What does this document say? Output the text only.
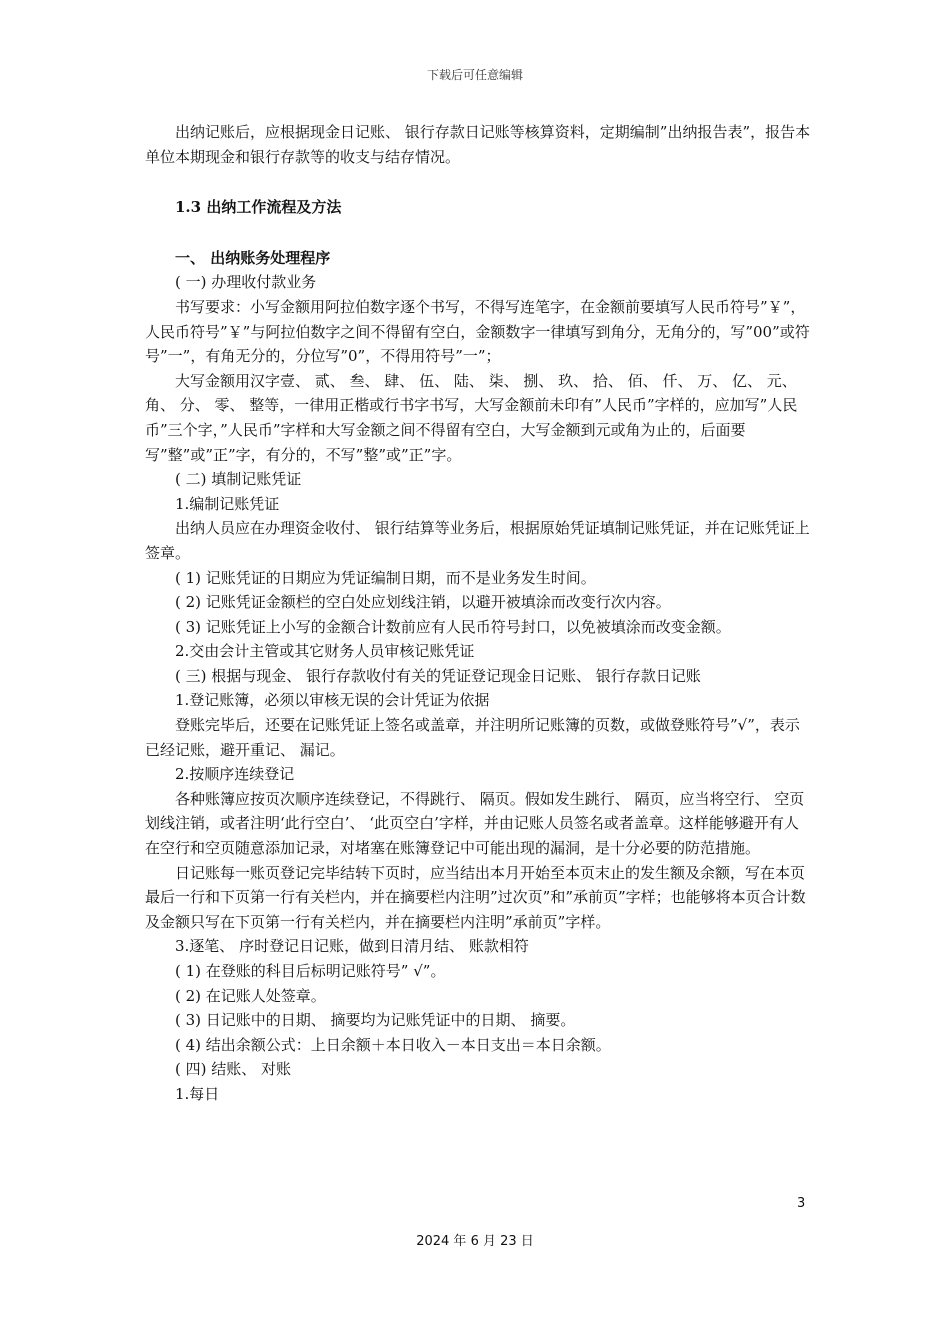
下载后可任意编辑

出纳记账后，应根据现金日记账、 银行存款日记账等核算资料，定期编制”出纳报告表”，报告本单位本期现金和银行存款等的收支与结存情况。

1.3 出纳工作流程及方法

一、 出纳账务处理程序

( 一) 办理收付款业务

书写要求：小写金额用阿拉伯数字逐个书写，不得写连笔字，在金额前要填写人民币符号”￥”，人民币符号”￥”与阿拉伯数字之间不得留有空白，金额数字一律填写到角分，无角分的，写”00”或符号”一”，有角无分的，分位写”0”，不得用符号”一”；

大写金额用汉字壹、 贰、 叁、 肆、 伍、 陆、 柒、 捌、 玖、 拾、 佰、 仟、 万、 亿、 元、 角、 分、 零、 整等，一律用正楷或行书字书写，大写金额前未印有”人民币”字样的，应加写”人民币”三个字，”人民币”字样和大写金额之间不得留有空白，大写金额到元或角为止的，后面要写”整”或”正”字，有分的，不写”整”或”正”字。

( 二) 填制记账凭证

1.编制记账凭证

出纳人员应在办理资金收付、 银行结算等业务后，根据原始凭证填制记账凭证，并在记账凭证上签章。

( 1) 记账凭证的日期应为凭证编制日期，而不是业务发生时间。

( 2) 记账凭证金额栏的空白处应划线注销，以避开被填涂而改变行次内容。

( 3) 记账凭证上小写的金额合计数前应有人民币符号封口，以免被填涂而改变金额。

2.交由会计主管或其它财务人员审核记账凭证

( 三) 根据与现金、 银行存款收付有关的凭证登记现金日记账、 银行存款日记账

1.登记账簿，必须以审核无误的会计凭证为依据

登账完毕后，还要在记账凭证上签名或盖章，并注明所记账簿的页数，或做登账符号”√”，表示已经记账，避开重记、 漏记。

2.按顺序连续登记

各种账簿应按页次顺序连续登记，不得跳行、 隔页。假如发生跳行、 隔页，应当将空行、 空页划线注销，或者注明‘此行空白’、 ‘此页空白’字样，并由记账人员签名或者盖章。这样能够避开有人在空行和空页随意添加记录，对堵塞在账簿登记中可能出现的漏洞，是十分必要的防范措施。

日记账每一账页登记完毕结转下页时，应当结出本月开始至本页末止的发生额及余额，写在本页最后一行和下页第一行有关栏内，并在摘要栏内注明”过次页”和”承前页”字样；也能够将本页合计数及金额只写在下页第一行有关栏内，并在摘要栏内注明”承前页”字样。

3.逐笔、 序时登记日记账，做到日清月结、 账款相符

( 1) 在登账的科目后标明记账符号” √”。

( 2) 在记账人处签章。

( 3) 日记账中的日期、 摘要均为记账凭证中的日期、 摘要。

( 4) 结出余额公式：上日余额＋本日收入－本日支出＝本日余额。

( 四) 结账、 对账

1.每日

3
2024 年 6 月 23 日
